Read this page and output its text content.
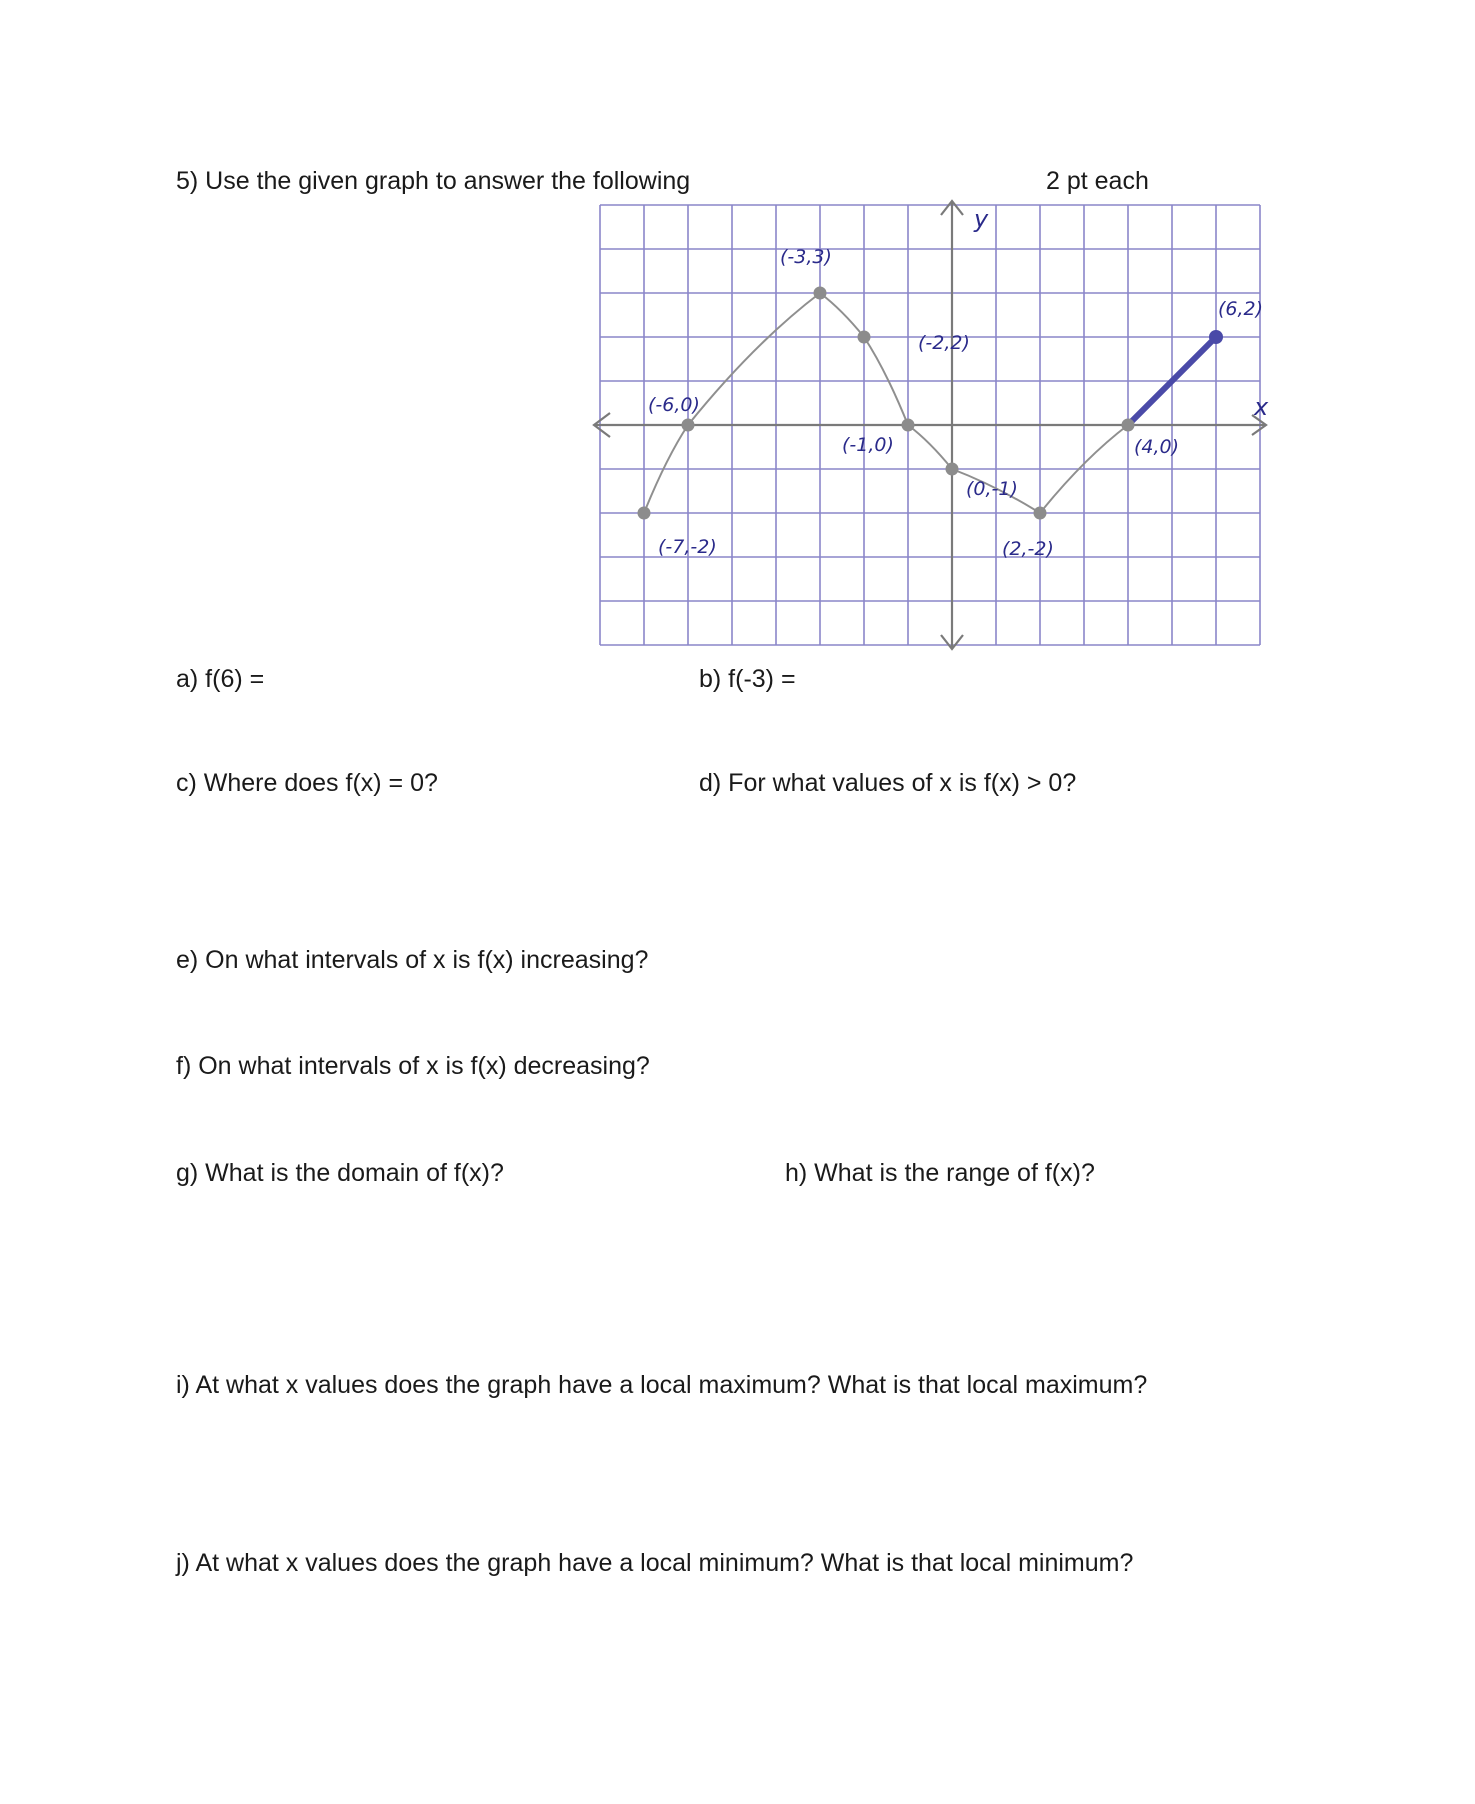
5) Use the given graph to answer the following	2 pt each

y
x
(-7,-2)
(-6,0)
(-3,3)
(-2,2)
(-1,0)
(0,-1)
(2,-2)
(4,0)
(6,2)

a) f(6) =	b) f(-3) =

c) Where does f(x) = 0?	d) For what values of x is f(x) > 0?

e) On what intervals of x is f(x) increasing?

f) On what intervals of x is f(x) decreasing?

g) What is the domain of f(x)?	h) What is the range of f(x)?

i) At what x values does the graph have a local maximum? What is that local maximum?

j) At what x values does the graph have a local minimum? What is that local minimum?
